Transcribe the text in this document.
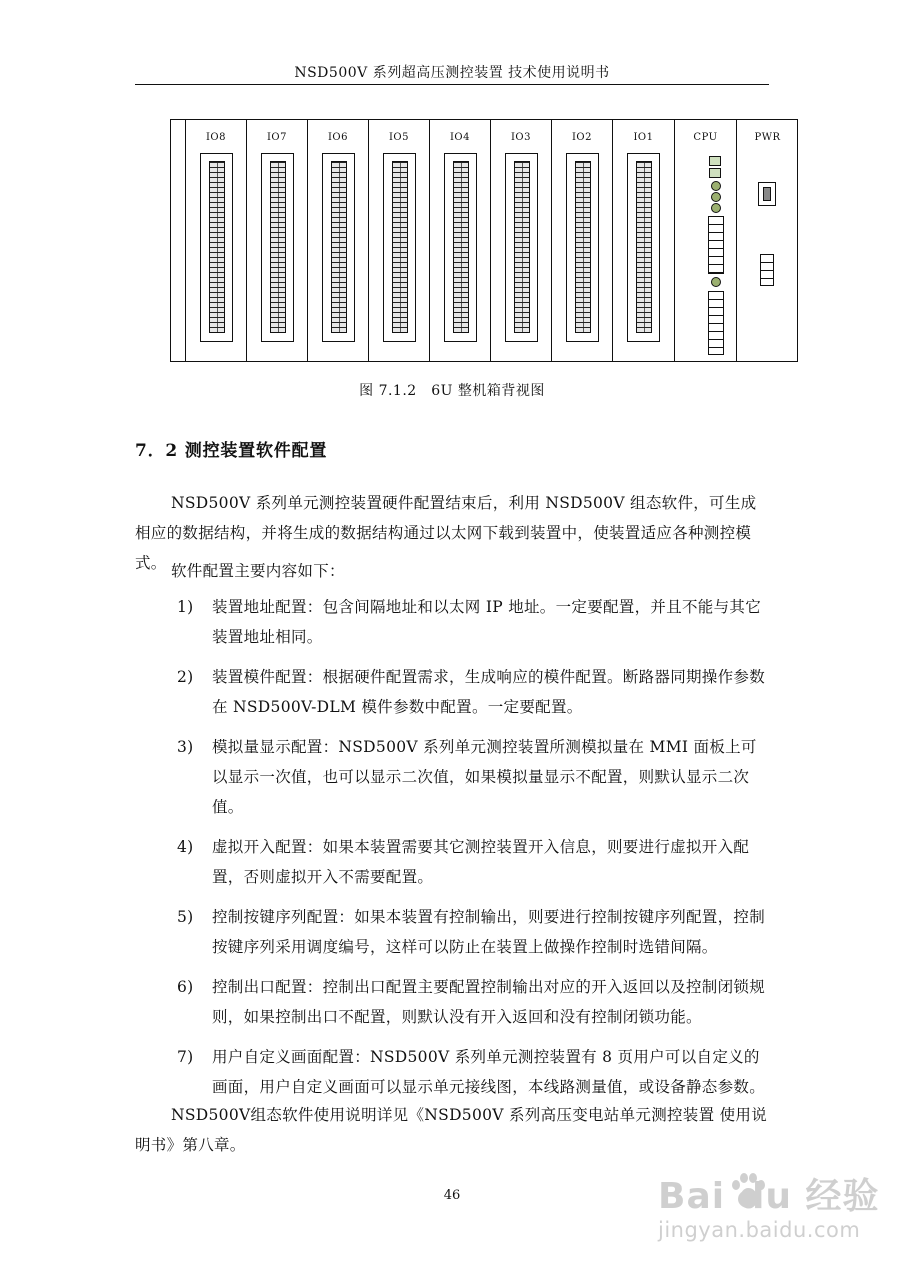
NSD500V 系列超高压测控装置 技术使用说明书
IO8	IO7	IO6	IO5	IO4	IO3	IO2	IO1	CPU	PWR
图 7.1.2　6U 整机箱背视图
7．2 测控装置软件配置

NSD500V 系列单元测控装置硬件配置结束后，利用 NSD500V 组态软件，可生成相应的数据结构，并将生成的数据结构通过以太网下载到装置中，使装置适应各种测控模式。 软件配置主要内容如下：

1) 装置地址配置：包含间隔地址和以太网 IP 地址。一定要配置，并且不能与其它装置地址相同。
2) 装置模件配置：根据硬件配置需求，生成响应的模件配置。断路器同期操作参数在 NSD500V-DLM 模件参数中配置。一定要配置。
3) 模拟量显示配置：NSD500V 系列单元测控装置所测模拟量在 MMI 面板上可以显示一次值，也可以显示二次值，如果模拟量显示不配置，则默认显示二次值。
4) 虚拟开入配置：如果本装置需要其它测控装置开入信息，则要进行虚拟开入配置，否则虚拟开入不需要配置。
5) 控制按键序列配置：如果本装置有控制输出，则要进行控制按键序列配置，控制按键序列采用调度编号，这样可以防止在装置上做操作控制时选错间隔。
6) 控制出口配置：控制出口配置主要配置控制输出对应的开入返回以及控制闭锁规则，如果控制出口不配置，则默认没有开入返回和没有控制闭锁功能。
7) 用户自定义画面配置：NSD500V 系列单元测控装置有 8 页用户可以自定义的画面，用户自定义画面可以显示单元接线图，本线路测量值，或设备静态参数。

NSD500V组态软件使用说明详见《NSD500V 系列高压变电站单元测控装置 使用说明书》第八章。

46	Bai du 经验
jingyan.baidu.com
